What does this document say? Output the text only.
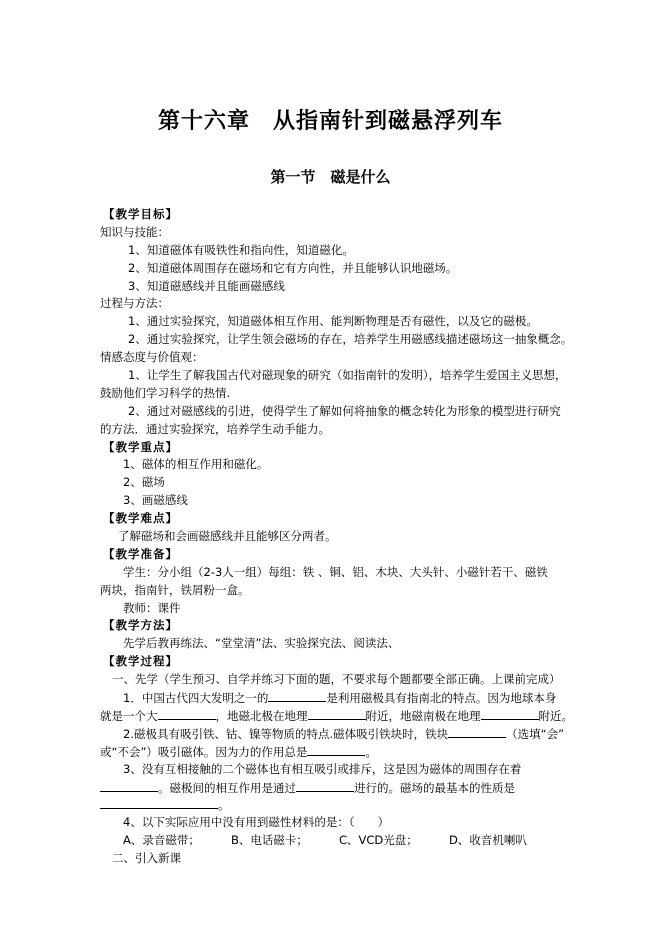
第十六章　从指南针到磁悬浮列车
第一节　磁是什么
【教学目标】
知识与技能：
1、知道磁体有吸铁性和指向性，知道磁化。
2、知道磁体周围存在磁场和它有方向性，并且能够认识地磁场。
3、知道磁感线并且能画磁感线
过程与方法：
1、通过实验探究，知道磁体相互作用、能判断物理是否有磁性，以及它的磁极。
2、通过实验探究，让学生领会磁场的存在，培养学生用磁感线描述磁场这一抽象概念。
情感态度与价值观：
1、让学生了解我国古代对磁现象的研究（如指南针的发明），培养学生爱国主义思想，
鼓励他们学习科学的热情.
2、通过对磁感线的引进，使得学生了解如何将抽象的概念转化为形象的模型进行研究
的方法．通过实验探究，培养学生动手能力。
【教学重点】
1、磁体的相互作用和磁化。
2、磁场
3、画磁感线
【教学难点】
了解磁场和会画磁感线并且能够区分两者。
【教学准备】
学生：分小组（2-3人一组）每组：铁 、铜、铝、木块、大头针、小磁针若干、磁铁
两块，指南针，铁屑粉一盒。
教师：课件
【教学方法】
先学后教再练法、“堂堂清”法、实验探究法、阅读法、
【教学过程】
一、先学（学生预习、自学并练习下面的题，不要求每个题都要全部正确。上课前完成）
1．中国古代四大发明之一的	是利用磁极具有指南北的特点。因为地球本身
就是一个大	，地磁北极在地理	附近，地磁南极在地理	附近。
2.磁极具有吸引铁、钴、镍等物质的特点.磁体吸引铁块时，铁块	（选填“会”
或“不会”）吸引磁体。因为力的作用总是	。
3、没有互相接触的二个磁体也有相互吸引或排斥，这是因为磁体的周围存在着
。磁极间的相互作用是通过	进行的。磁场的最基本的性质是
。
4、以下实际应用中没有用到磁性材料的是：（　　）
A、录音磁带；	B、电话磁卡；	C、VCD光盘；	D、收音机喇叭
二、引入新课
